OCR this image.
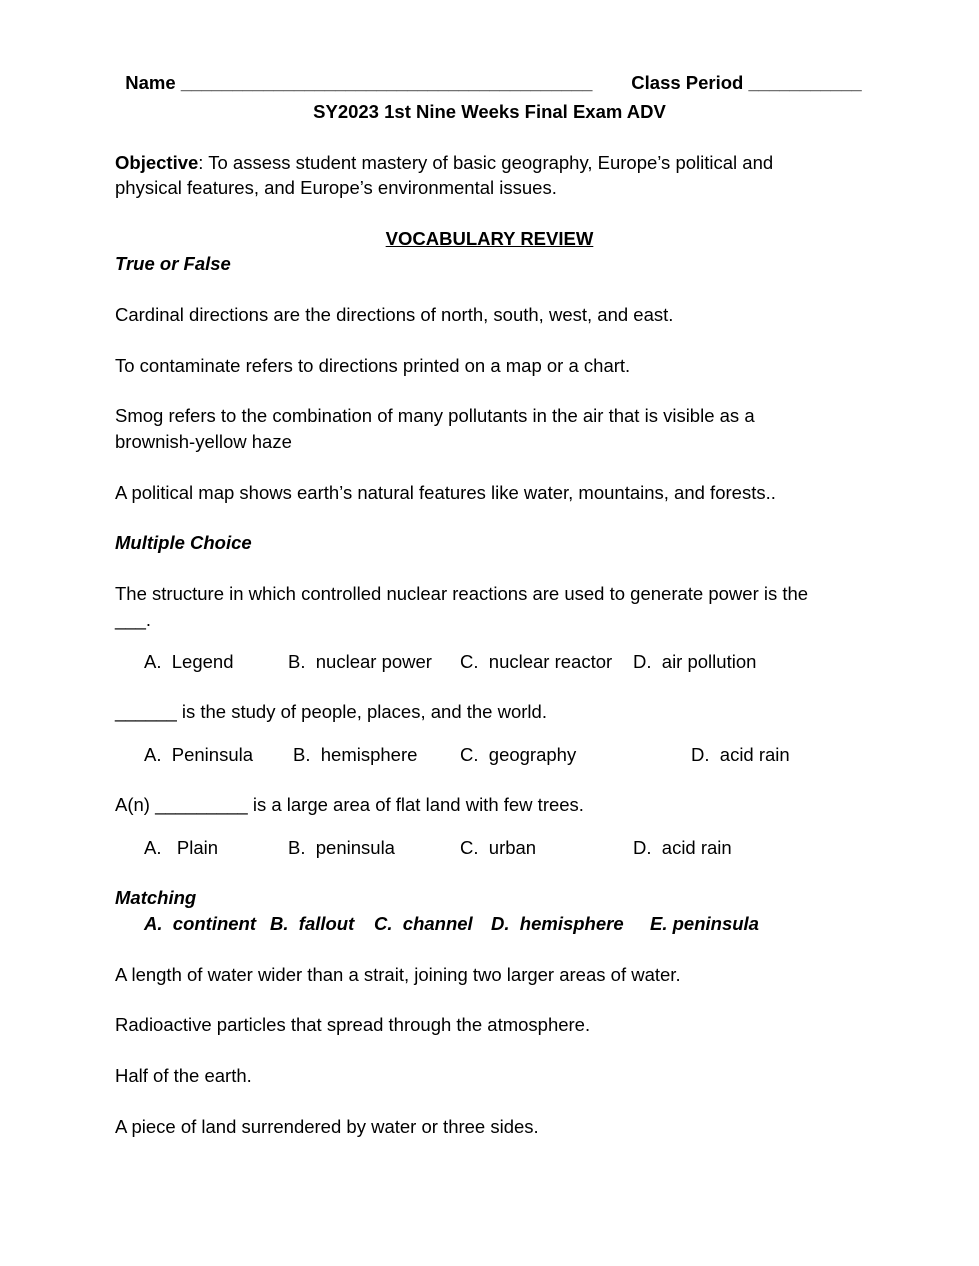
Name ________________________________________	Class Period ___________

SY2023 1st Nine Weeks Final Exam ADV
Objective: To assess student mastery of basic geography, Europe’s political and
physical features, and Europe’s environmental issues.
VOCABULARY REVIEW
True or False
Cardinal directions are the directions of north, south, west, and east.
To contaminate refers to directions printed on a map or a chart.
Smog refers to the combination of many pollutants in the air that is visible as a
brownish-yellow haze
A political map shows earth’s natural features like water, mountains, and forests..
Multiple Choice
The structure in which controlled nuclear reactions are used to generate power is the
___.
A.  Legend	B.  nuclear power C.  nuclear reactor D.  air pollution
______ is the study of people, places, and the world.
A.  Peninsula B.  hemisphere C.  geography	D.  acid rain
A(n) _________ is a large area of flat land with few trees.
A.   Plain	B.  peninsula	C.  urban	D.  acid rain
Matching
A.  continent B.  fallout C.  channel D.  hemisphere E. peninsula
A length of water wider than a strait, joining two larger areas of water.
Radioactive particles that spread through the atmosphere.
Half of the earth.
A piece of land surrendered by water or three sides.
